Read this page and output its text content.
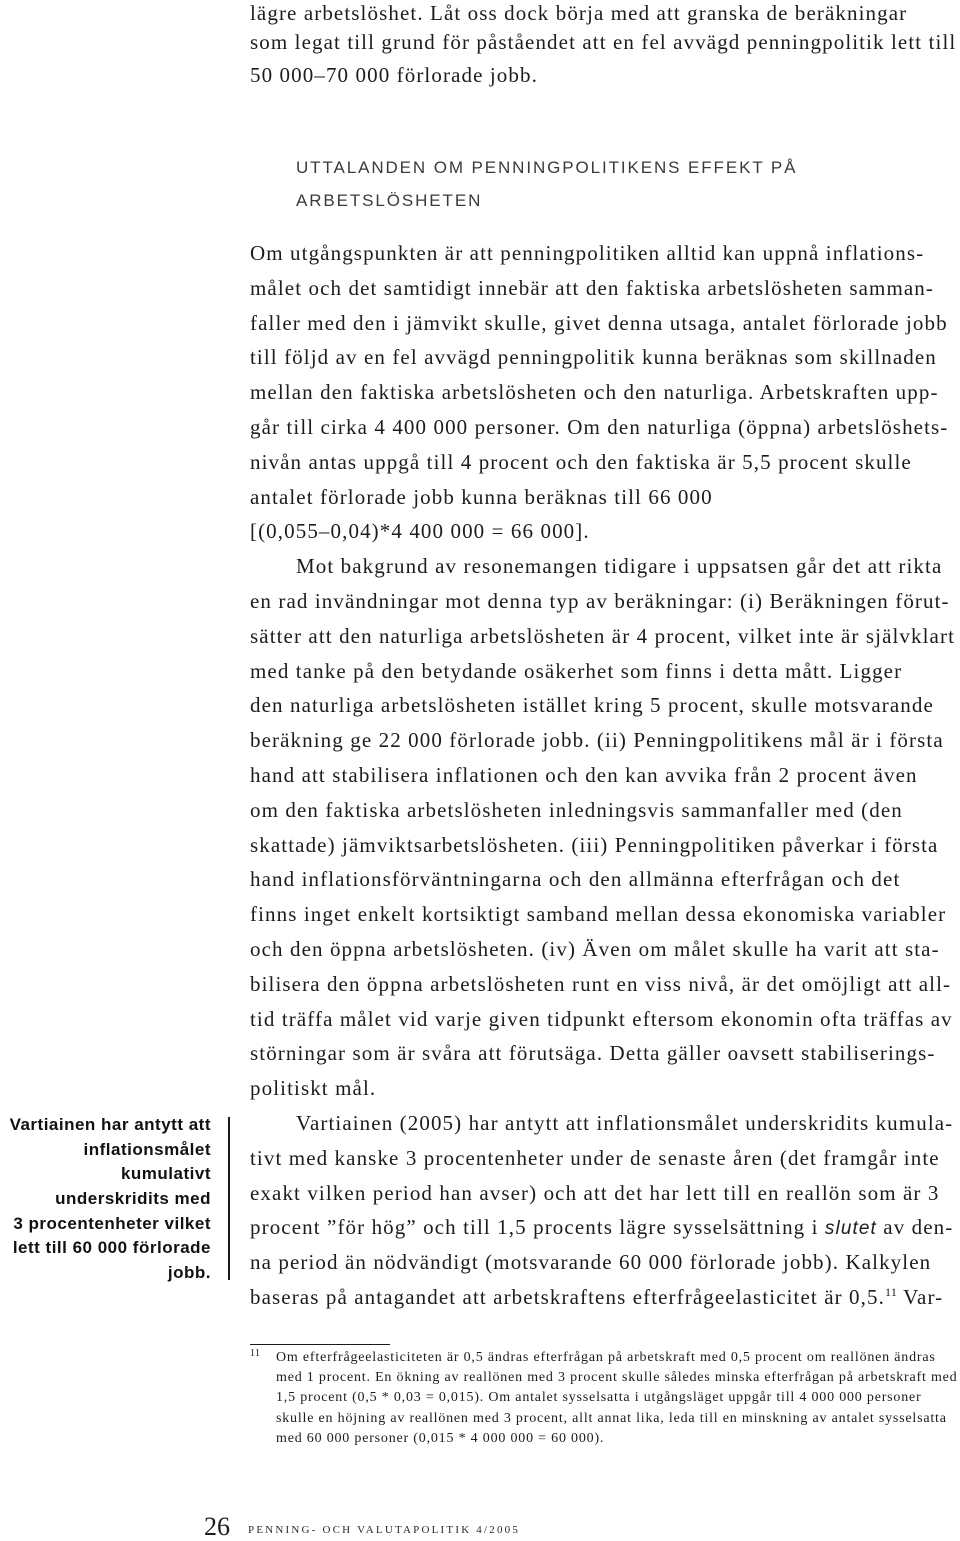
lägre arbetslöshet. Låt oss dock börja med att granska de beräkningar
som legat till grund för påståendet att en fel avvägd penningpolitik lett till
50 000–70 000 förlorade jobb.
UTTALANDEN OM PENNINGPOLITIKENS EFFEKT PÅ
ARBETSLÖSHETEN
Om utgångspunkten är att penningpolitiken alltid kan uppnå inflations-
målet och det samtidigt innebär att den faktiska arbetslösheten samman-
faller med den i jämvikt skulle, givet denna utsaga, antalet förlorade jobb
till följd av en fel avvägd penningpolitik kunna beräknas som skillnaden
mellan den faktiska arbetslösheten och den naturliga. Arbetskraften upp-
går till cirka 4 400 000 personer. Om den naturliga (öppna) arbetslöshets-
nivån antas uppgå till 4 procent och den faktiska är 5,5 procent skulle
antalet förlorade jobb kunna beräknas till 66 000
[(0,055–0,04)*4 400 000 = 66 000].
Mot bakgrund av resonemangen tidigare i uppsatsen går det att rikta
en rad invändningar mot denna typ av beräkningar: (i) Beräkningen förut-
sätter att den naturliga arbetslösheten är 4 procent, vilket inte är självklart
med tanke på den betydande osäkerhet som finns i detta mått. Ligger
den naturliga arbetslösheten istället kring 5 procent, skulle motsvarande
beräkning ge 22 000 förlorade jobb. (ii) Penningpolitikens mål är i första
hand att stabilisera inflationen och den kan avvika från 2 procent även
om den faktiska arbetslösheten inledningsvis sammanfaller med (den
skattade) jämviktsarbetslösheten. (iii) Penningpolitiken påverkar i första
hand inflationsförväntningarna och den allmänna efterfrågan och det
finns inget enkelt kortsiktigt samband mellan dessa ekonomiska variabler
och den öppna arbetslösheten. (iv) Även om målet skulle ha varit att sta-
bilisera den öppna arbetslösheten runt en viss nivå, är det omöjligt att all-
tid träffa målet vid varje given tidpunkt eftersom ekonomin ofta träffas av
störningar som är svåra att förutsäga. Detta gäller oavsett stabiliserings-
politiskt mål.
Vartiainen (2005) har antytt att inflationsmålet underskridits kumula-
tivt med kanske 3 procentenheter under de senaste åren (det framgår inte
exakt vilken period han avser) och att det har lett till en reallön som är 3
procent ”för hög” och till 1,5 procents lägre sysselsättning i slutet av den-
na period än nödvändigt (motsvarande 60 000 förlorade jobb). Kalkylen
baseras på antagandet att arbetskraftens efterfrågeelasticitet är 0,5.11 Var-
Vartiainen har antytt att
inflationsmålet
kumulativt
underskridits med
3 procentenheter vilket
lett till 60 000 förlorade
jobb.
11 Om efterfrågeelasticiteten är 0,5 ändras efterfrågan på arbetskraft med 0,5 procent om reallönen ändras
med 1 procent. En ökning av reallönen med 3 procent skulle således minska efterfrågan på arbetskraft med
1,5 procent (0,5 * 0,03 = 0,015). Om antalet sysselsatta i utgångsläget uppgår till 4 000 000 personer
skulle en höjning av reallönen med 3 procent, allt annat lika, leda till en minskning av antalet sysselsatta
med 60 000 personer (0,015 * 4 000 000 = 60 000).
26 PENNING- OCH VALUTAPOLITIK 4/2005
